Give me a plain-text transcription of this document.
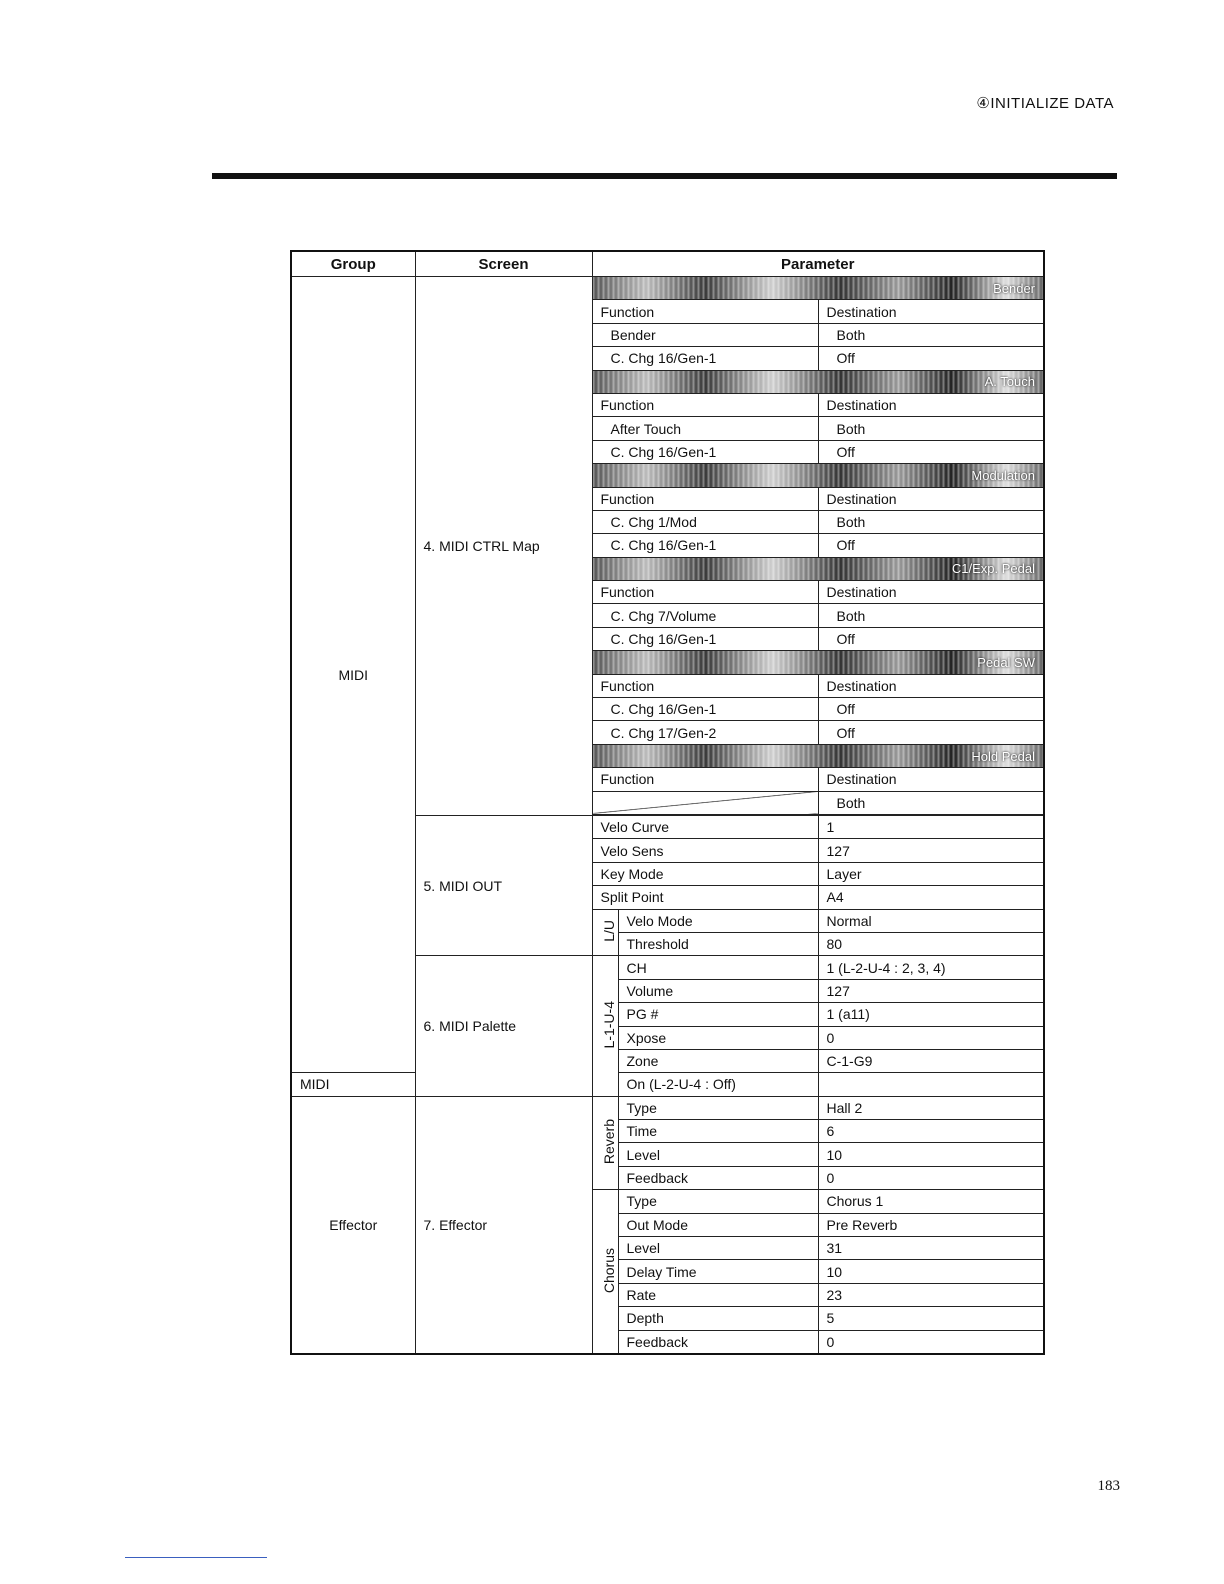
④INITIALIZE DATA
Group	Screen	Parameter		
MIDI	4. MIDI CTRL Map	Bender		
		Function		Destination
		Bender		Both
		C. Chg 16/Gen-1		Off
		A. Touch		
		Function		Destination
		After Touch		Both
		C. Chg 16/Gen-1		Off
		Modulation		
		Function		Destination
		C. Chg 1/Mod		Both
		C. Chg 16/Gen-1		Off
		C1/Exp. Pedal		
		Function		Destination
		C. Chg 7/Volume		Both
		C. Chg 16/Gen-1		Off
		Pedal SW		
		Function		Destination
		C. Chg 16/Gen-1		Off
		C. Chg 17/Gen-2		Off
		Hold Pedal		
		Function		Destination
				Both

	5. MIDI OUT	Velo Curve		1
		Velo Sens		127
		Key Mode		Layer
		Split Point		A4
		L/U	Velo Mode	Normal
			Threshold	80
	6. MIDI Palette	L-1-U-4	CH	1 (L-2-U-4 : 2, 3, 4)
			Volume	127
			PG #	1 (a11)
			Xpose	0
			Zone	C-1-G9
MIDI			On (L-2-U-4 : Off)	
Effector	7. Effector	Reverb	Type	Hall 2
			Time	6
			Level	10
			Feedback	0
		Chorus	Type	Chorus 1
			Out Mode	Pre Reverb
			Level	31
			Delay Time	10
			Rate	23
			Depth	5
			Feedback	0
183
